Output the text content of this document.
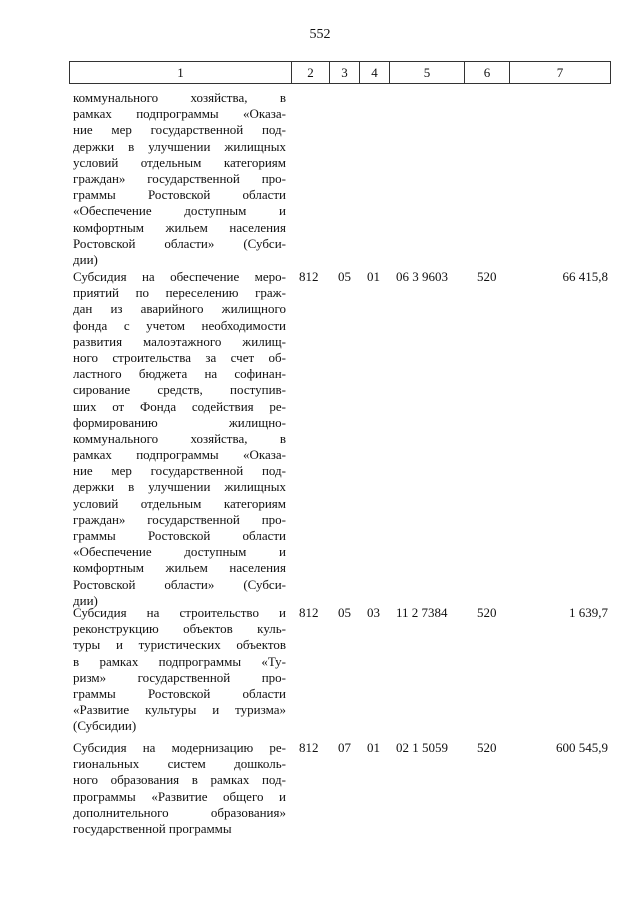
552
1	2	3	4	5	6	7
коммунального хозяйства, в
рамках подпрограммы «Оказа-
ние мер государственной под-
держки в улучшении жилищных
условий отдельным категориям
граждан» государственной про-
граммы Ростовской области
«Обеспечение доступным и
комфортным жильем населения
Ростовской области» (Субси-
дии)
Субсидия на обеспечение меро-
приятий по переселению граж-
дан из аварийного жилищного
фонда с учетом необходимости
развития малоэтажного жилищ-
ного строительства за счет об-
ластного бюджета на софинан-
сирование средств, поступив-
ших от Фонда содействия ре-
формированию жилищно-
коммунального хозяйства, в
рамках подпрограммы «Оказа-
ние мер государственной под-
держки в улучшении жилищных
условий отдельным категориям
граждан» государственной про-
граммы Ростовской области
«Обеспечение доступным и
комфортным жильем населения
Ростовской области» (Субси-
дии)
812	05	01	06 3 9603	520	66 415,8
Субсидия на строительство и
реконструкцию объектов куль-
туры и туристических объектов
в рамках подпрограммы «Ту-
ризм» государственной про-
граммы Ростовской области
«Развитие культуры и туризма»
(Субсидии)
812	05	03	11 2 7384	520	1 639,7
Субсидия на модернизацию ре-
гиональных систем дошколь-
ного образования в рамках под-
программы «Развитие общего и
дополнительного образования»
государственной программы
812	07	01	02 1 5059	520	600 545,9
